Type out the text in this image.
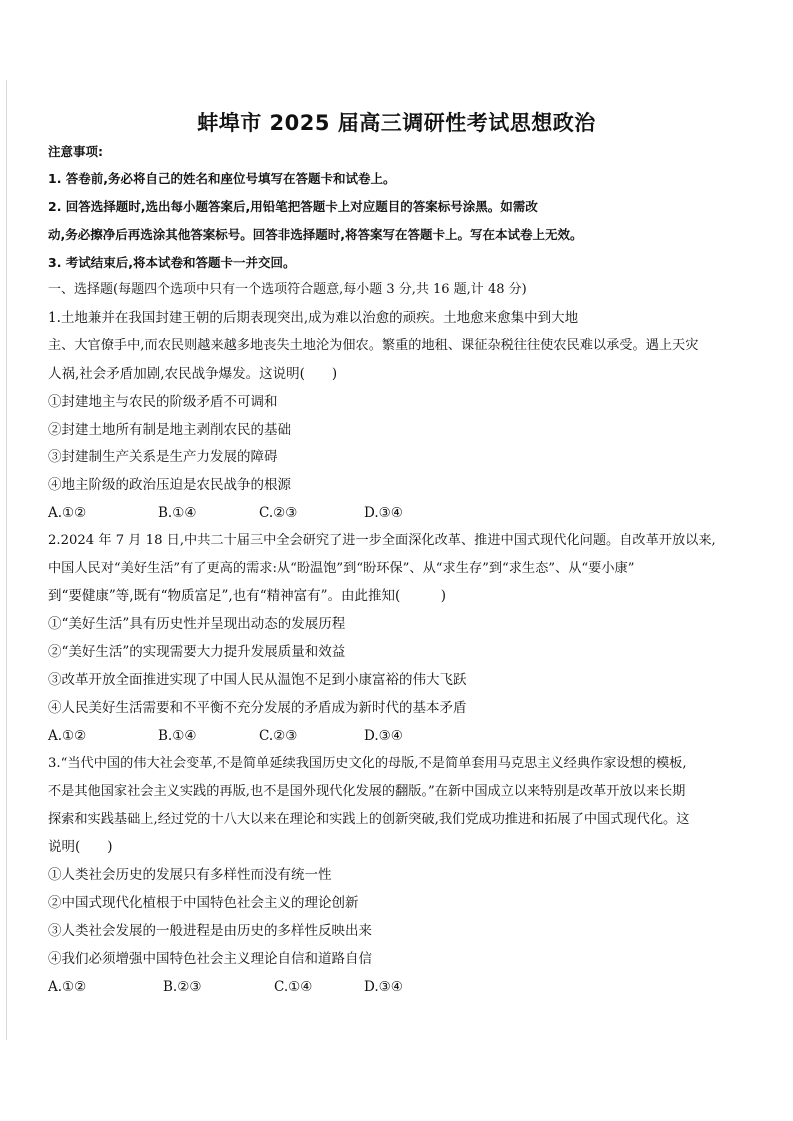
蚌埠市 2025 届高三调研性考试思想政治
注意事项:
1. 答卷前,务必将自己的姓名和座位号填写在答题卡和试卷上。
2. 回答选择题时,选出每小题答案后,用铅笔把答题卡上对应题目的答案标号涂黑。如需改
动,务必擦净后再选涂其他答案标号。回答非选择题时,将答案写在答题卡上。写在本试卷上无效。
3. 考试结束后,将本试卷和答题卡一并交回。
一、选择题(每题四个选项中只有一个选项符合题意,每小题 3 分,共 16 题,计 48 分)
1.土地兼并在我国封建王朝的后期表现突出,成为难以治愈的顽疾。土地愈来愈集中到大地
主、大官僚手中,而农民则越来越多地丧失土地沦为佃农。繁重的地租、课征杂税往往使农民难以承受。遇上天灾
人祸,社会矛盾加剧,农民战争爆发。这说明(　　)
①封建地主与农民的阶级矛盾不可调和
②封建土地所有制是地主剥削农民的基础
③封建制生产关系是生产力发展的障碍
④地主阶级的政治压迫是农民战争的根源
A.①②	B.①④	C.②③	D.③④
2.2024 年 7 月 18 日,中共二十届三中全会研究了进一步全面深化改革、推进中国式现代化问题。自改革开放以来,
中国人民对“美好生活”有了更高的需求:从“盼温饱”到“盼环保”、从“求生存”到“求生态”、从“要小康”
到“要健康”等,既有“物质富足”,也有“精神富有”。由此推知(　　　)
①“美好生活”具有历史性并呈现出动态的发展历程
②“美好生活”的实现需要大力提升发展质量和效益
③改革开放全面推进实现了中国人民从温饱不足到小康富裕的伟大飞跃
④人民美好生活需要和不平衡不充分发展的矛盾成为新时代的基本矛盾
A.①②	B.①④	C.②③	D.③④
3.“当代中国的伟大社会变革,不是简单延续我国历史文化的母版,不是简单套用马克思主义经典作家设想的模板,
不是其他国家社会主义实践的再版,也不是国外现代化发展的翻版。”在新中国成立以来特别是改革开放以来长期
探索和实践基础上,经过党的十八大以来在理论和实践上的创新突破,我们党成功推进和拓展了中国式现代化。这
说明(　　)
①人类社会历史的发展只有多样性而没有统一性
②中国式现代化植根于中国特色社会主义的理论创新
③人类社会发展的一般进程是由历史的多样性反映出来
④我们必须增强中国特色社会主义理论自信和道路自信
A.①②	B.②③	C.①④	D.③④
